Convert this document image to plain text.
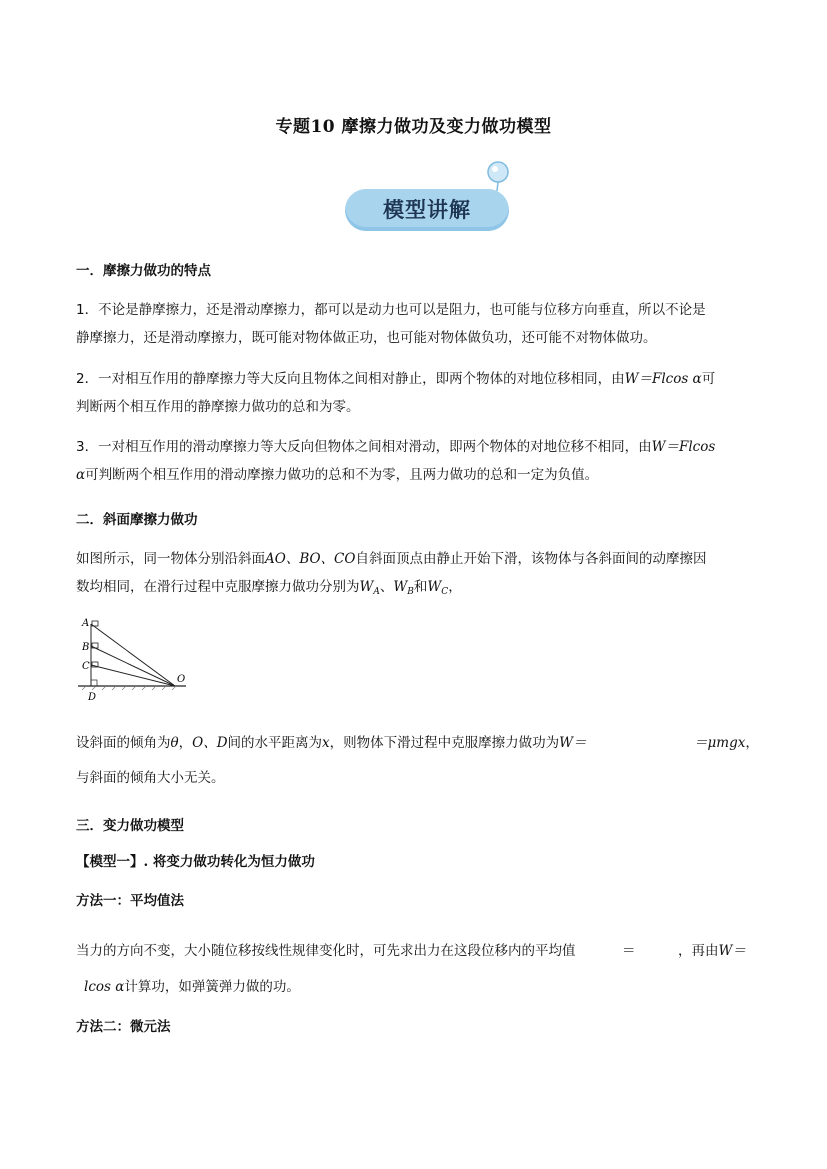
专题10 摩擦力做功及变力做功模型
模型讲解
一．摩擦力做功的特点
1．不论是静摩擦力，还是滑动摩擦力，都可以是动力也可以是阻力，也可能与位移方向垂直，所以不论是
静摩擦力，还是滑动摩擦力，既可能对物体做正功，也可能对物体做负功，还可能不对物体做功。
2．一对相互作用的静摩擦力等大反向且物体之间相对静止，即两个物体的对地位移相同，由W＝Flcos α可
判断两个相互作用的静摩擦力做功的总和为零。
3．一对相互作用的滑动摩擦力等大反向但物体之间相对滑动，即两个物体的对地位移不相同，由W＝Flcos
α可判断两个相互作用的滑动摩擦力做功的总和不为零，且两力做功的总和一定为负值。
二．斜面摩擦力做功
如图所示，同一物体分别沿斜面AO、BO、CO自斜面顶点由静止开始下滑，该物体与各斜面间的动摩擦因
数均相同，在滑行过程中克服摩擦力做功分别为$W_A$、$W_B$和$W_C$，
A
B
C
D
O
设斜面的倾角为θ，O、D间的水平距离为x，则物体下滑过程中克服摩擦力做功为W＝	＝μmgx，
与斜面的倾角大小无关。
三．变力做功模型
【模型一】. 将变力做功转化为恒力做功
方法一：平均值法
当力的方向不变，大小随位移按线性规律变化时，可先求出力在这段位移内的平均值	＝	，再由W＝
lcos α计算功，如弹簧弹力做的功。
方法二：微元法
